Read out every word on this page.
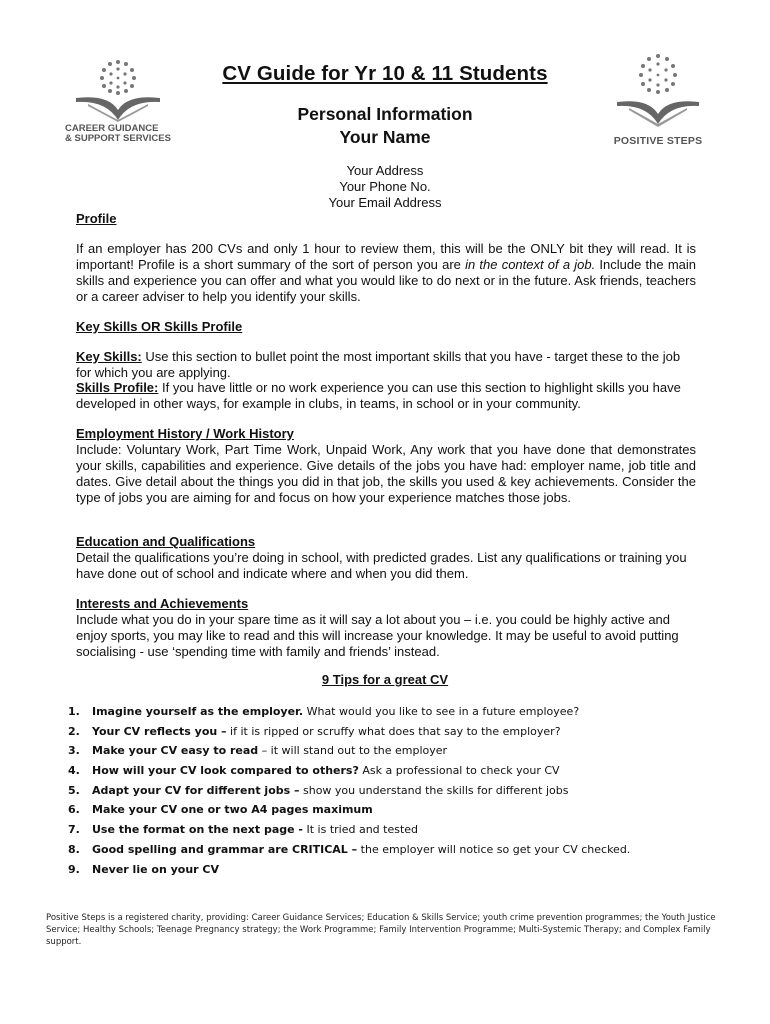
CAREER GUIDANCE
& SUPPORT SERVICES	POSITIVE STEPS
CV Guide for Yr 10 & 11 Students
Personal Information
Your Name
Your Address
Your Phone No.
Your Email Address
Profile
If an employer has 200 CVs and only 1 hour to review them, this will be the ONLY bit they will read. It is important! Profile is a short summary of the sort of person you are in the context of a job. Include the main skills and experience you can offer and what you would like to do next or in the future. Ask friends, teachers or a career adviser to help you identify your skills.
Key Skills OR Skills Profile
Key Skills: Use this section to bullet point the most important skills that you have - target these to the job for which you are applying.
Skills Profile: If you have little or no work experience you can use this section to highlight skills you have developed in other ways, for example in clubs, in teams, in school or in your community.
Employment History / Work History
Include: Voluntary Work, Part Time Work, Unpaid Work, Any work that you have done that demonstrates your skills, capabilities and experience. Give details of the jobs you have had: employer name, job title and dates. Give detail about the things you did in that job, the skills you used & key achievements. Consider the type of jobs you are aiming for and focus on how your experience matches those jobs.
Education and Qualifications
Detail the qualifications you’re doing in school, with predicted grades. List any qualifications or training you have done out of school and indicate where and when you did them.
Interests and Achievements
Include what you do in your spare time as it will say a lot about you – i.e. you could be highly active and enjoy sports, you may like to read and this will increase your knowledge. It may be useful to avoid putting socialising - use ‘spending time with family and friends’ instead.
9 Tips for a great CV
1. Imagine yourself as the employer. What would you like to see in a future employee?
2. Your CV reflects you – if it is ripped or scruffy what does that say to the employer?
3. Make your CV easy to read – it will stand out to the employer
4. How will your CV look compared to others? Ask a professional to check your CV
5. Adapt your CV for different jobs – show you understand the skills for different jobs
6. Make your CV one or two A4 pages maximum
7. Use the format on the next page - It is tried and tested
8. Good spelling and grammar are CRITICAL – the employer will notice so get your CV checked.
9. Never lie on your CV
Positive Steps is a registered charity, providing: Career Guidance Services; Education & Skills Service; youth crime prevention programmes; the Youth Justice Service; Healthy Schools; Teenage Pregnancy strategy; the Work Programme; Family Intervention Programme; Multi-Systemic Therapy; and Complex Family support.
